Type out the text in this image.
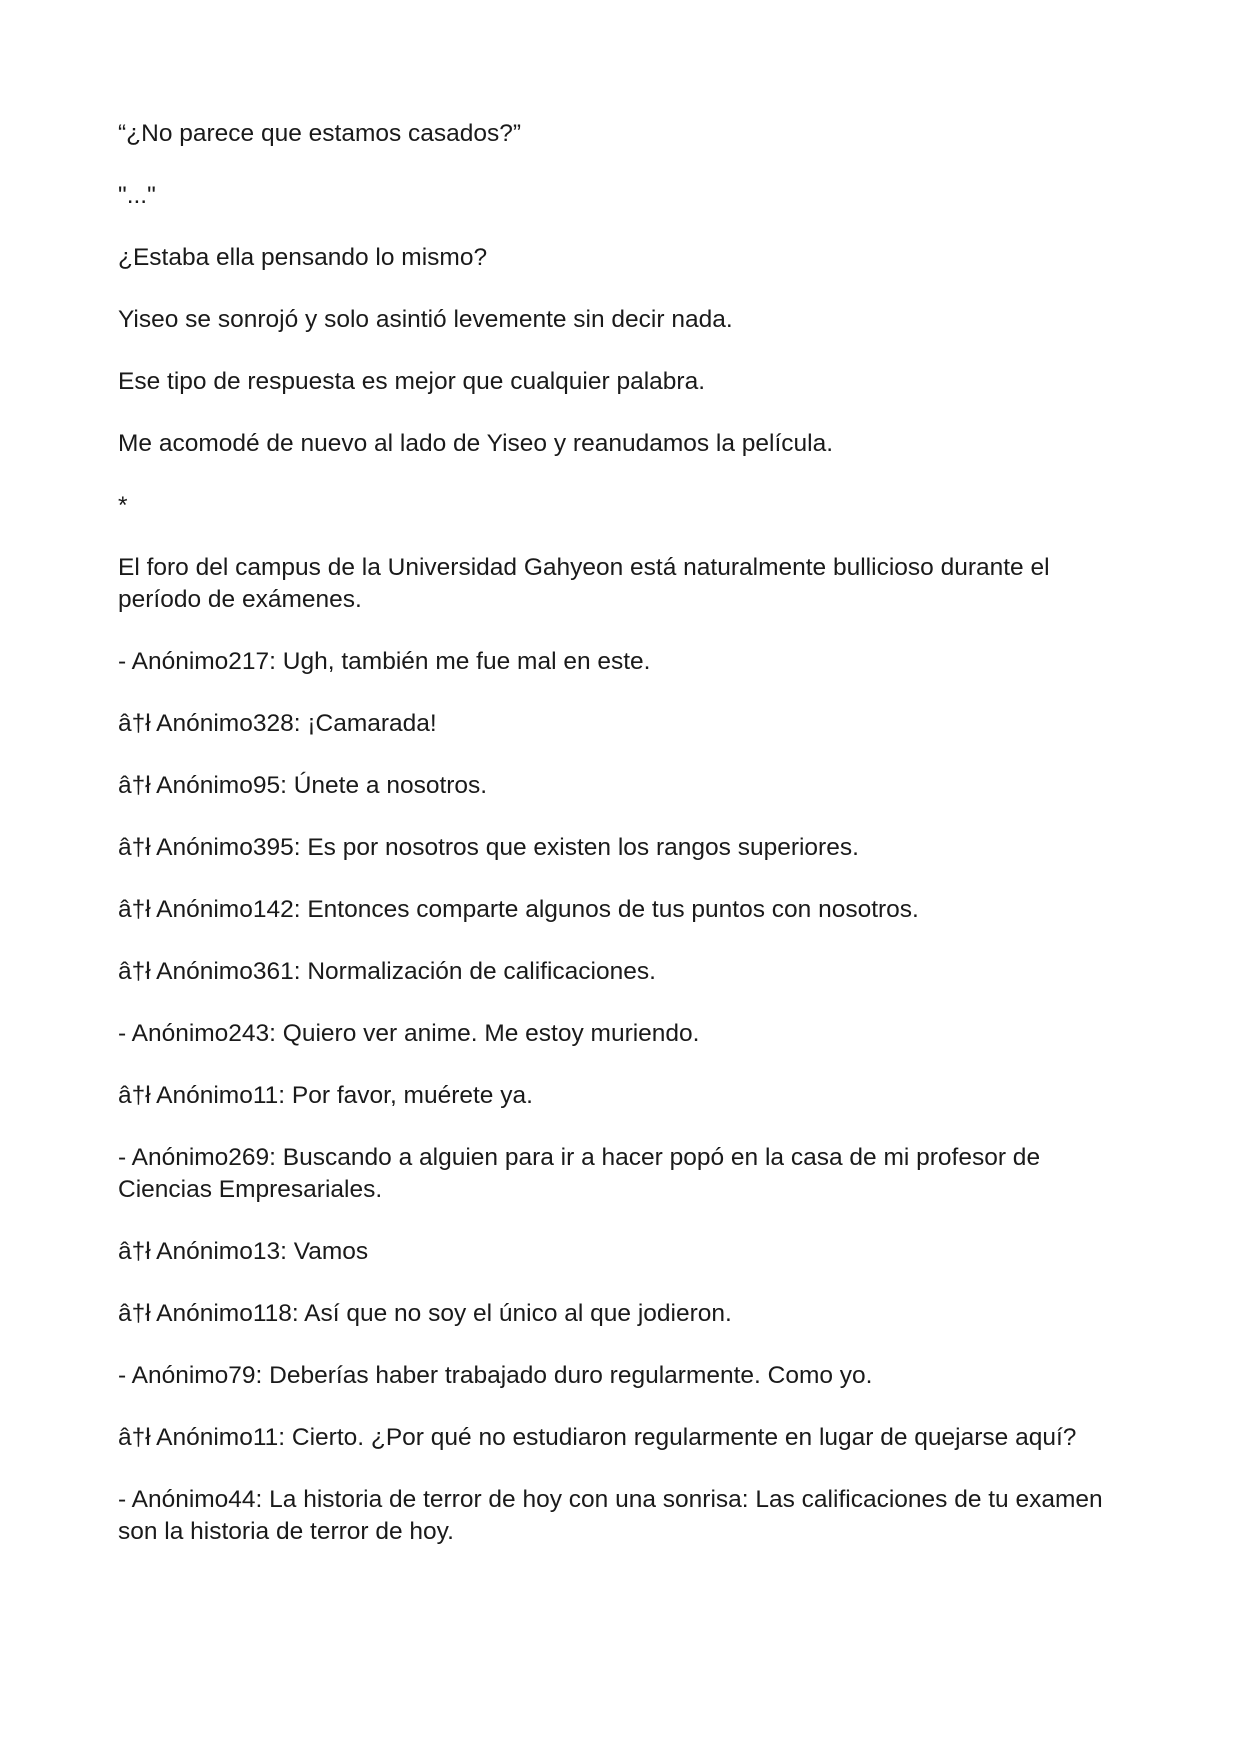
“¿No parece que estamos casados?”

"..."

¿Estaba ella pensando lo mismo?

Yiseo se sonrojó y solo asintió levemente sin decir nada.

Ese tipo de respuesta es mejor que cualquier palabra.

Me acomodé de nuevo al lado de Yiseo y reanudamos la película.

*

El foro del campus de la Universidad Gahyeon está naturalmente bullicioso durante el período de exámenes.

- Anónimo217: Ugh, también me fue mal en este.

â†ł Anónimo328: ¡Camarada!

â†ł Anónimo95: Únete a nosotros.

â†ł Anónimo395: Es por nosotros que existen los rangos superiores.

â†ł Anónimo142: Entonces comparte algunos de tus puntos con nosotros.

â†ł Anónimo361: Normalización de calificaciones.

- Anónimo243: Quiero ver anime. Me estoy muriendo.

â†ł Anónimo11: Por favor, muérete ya.

- Anónimo269: Buscando a alguien para ir a hacer popó en la casa de mi profesor de Ciencias Empresariales.

â†ł Anónimo13: Vamos

â†ł Anónimo118: Así que no soy el único al que jodieron.

- Anónimo79: Deberías haber trabajado duro regularmente. Como yo.

â†ł Anónimo11: Cierto. ¿Por qué no estudiaron regularmente en lugar de quejarse aquí?

- Anónimo44: La historia de terror de hoy con una sonrisa: Las calificaciones de tu examen son la historia de terror de hoy.
